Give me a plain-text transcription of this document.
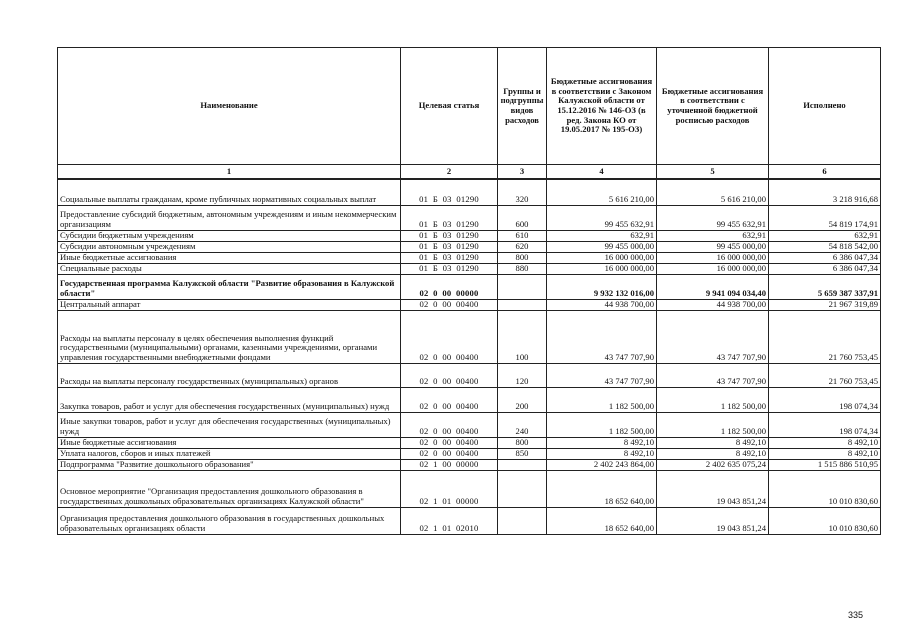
Наименование	Целевая статья	Группы и подгруппы видов расходов	Бюджетные ассигнования в соответствии с Законом Калужской области от 15.12.2016 № 146-ОЗ (в ред. Закона КО от 19.05.2017 № 195-ОЗ)	Бюджетные ассигнования в соответствии с уточненной бюджетной росписью расходов	Исполнено
1	2	3	4	5	6
Социальные выплаты гражданам, кроме публичных нормативных социальных выплат	01  Б  03  01290	320	5 616 210,00	5 616 210,00	3 218 916,68
Предоставление субсидий бюджетным, автономным учреждениям и иным некоммерческим организациям	01  Б  03  01290	600	99 455 632,91	99 455 632,91	54 819 174,91
Субсидии бюджетным учреждениям	01  Б  03  01290	610	632,91	632,91	632,91
Субсидии автономным учреждениям	01  Б  03  01290	620	99 455 000,00	99 455 000,00	54 818 542,00
Иные бюджетные ассигнования	01  Б  03  01290	800	16 000 000,00	16 000 000,00	6 386 047,34
Специальные расходы	01  Б  03  01290	880	16 000 000,00	16 000 000,00	6 386 047,34
Государственная программа Калужской области "Развитие образования в Калужской области"	02  0  00  00000		9 932 132 016,00	9 941 094 034,40	5 659 387 337,91
Центральный аппарат	02  0  00  00400		44 938 700,00	44 938 700,00	21 967 319,89
Расходы на выплаты персоналу в целях обеспечения выполнения функций государственными (муниципальными) органами, казенными учреждениями, органами управления государственными внебюджетными фондами	02  0  00  00400	100	43 747 707,90	43 747 707,90	21 760 753,45
Расходы на выплаты персоналу государственных (муниципальных) органов	02  0  00  00400	120	43 747 707,90	43 747 707,90	21 760 753,45
Закупка товаров, работ и услуг для обеспечения государственных (муниципальных) нужд	02  0  00  00400	200	1 182 500,00	1 182 500,00	198 074,34
Иные закупки товаров, работ и услуг для обеспечения государственных (муниципальных) нужд	02  0  00  00400	240	1 182 500,00	1 182 500,00	198 074,34
Иные бюджетные ассигнования	02  0  00  00400	800	8 492,10	8 492,10	8 492,10
Уплата налогов, сборов и иных платежей	02  0  00  00400	850	8 492,10	8 492,10	8 492,10
Подпрограмма "Развитие дошкольного образования"	02  1  00  00000		2 402 243 864,00	2 402 635 075,24	1 515 886 510,95
Основное мероприятие "Организация предоставления дошкольного образования в государственных дошкольных образовательных организациях Калужской области"	02  1  01  00000		18 652 640,00	19 043 851,24	10 010 830,60
Организация предоставления дошкольного образования в государственных дошкольных образовательных организациях области	02  1  01  02010		18 652 640,00	19 043 851,24	10 010 830,60
335
